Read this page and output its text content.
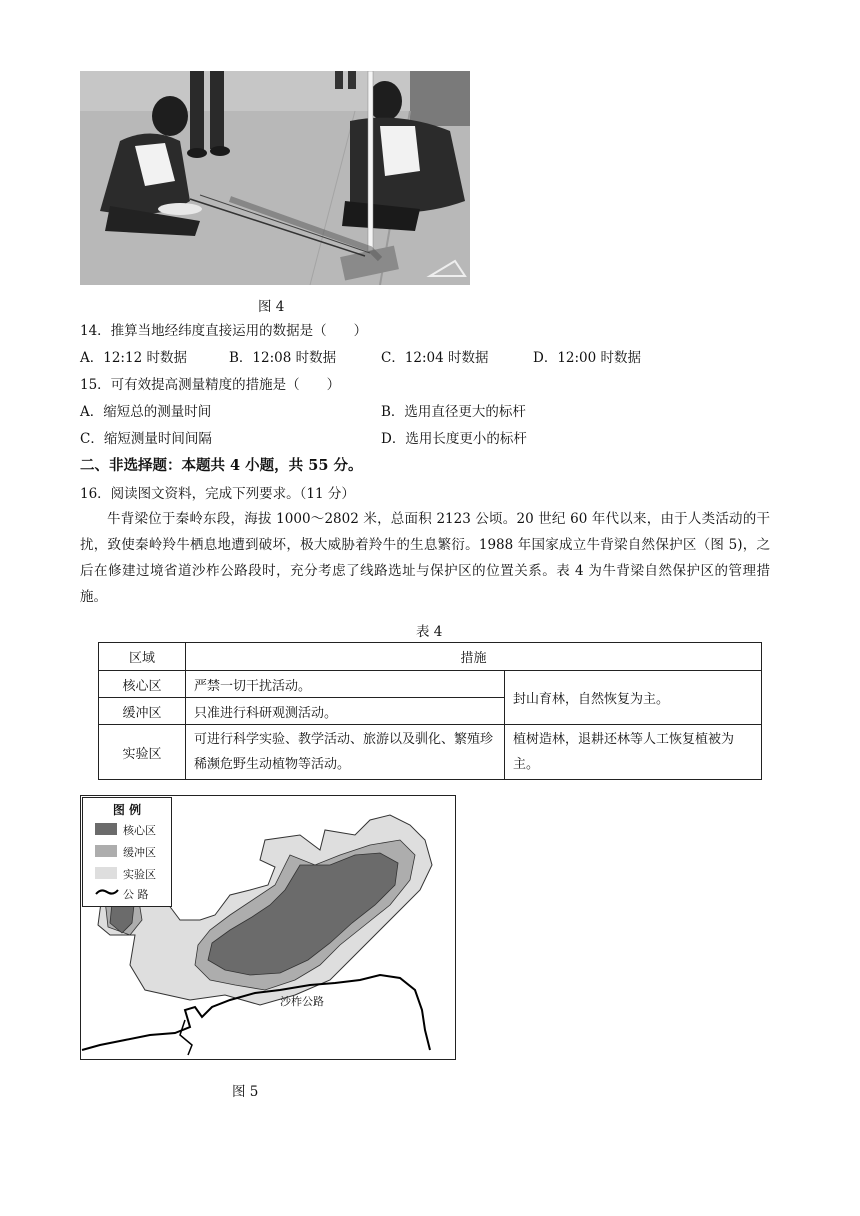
图 4
14．推算当地经纬度直接运用的数据是（　　）
A．12:12 时数据	B．12:08 时数据	C．12:04 时数据	D．12:00 时数据
15．可有效提高测量精度的措施是（　　）
A．缩短总的测量时间	B．选用直径更大的标杆
C．缩短测量时间间隔	D．选用长度更小的标杆
二、非选择题：本题共 4 小题，共 55 分。
16．阅读图文资料，完成下列要求。（11 分）

牛背梁位于秦岭东段，海拔 1000～2802 米，总面积 2123 公顷。20 世纪 60 年代以来，由于人类活动的干扰，致使秦岭羚牛栖息地遭到破坏，极大威胁着羚牛的生息繁衍。1988 年国家成立牛背梁自然保护区（图 5)，之后在修建过境省道沙柞公路段时，充分考虑了线路选址与保护区的位置关系。表 4 为牛背梁自然保护区的管理措施。

表 4
区域	措施	
核心区	严禁一切干扰活动。	封山育林，自然恢复为主。
缓冲区	只准进行科研观测活动。	
实验区	可进行科学实验、教学活动、旅游以及驯化、繁殖珍稀濒危野生动植物等活动。	植树造林，退耕还林等人工恢复植被为主。
沙柞公路
图 例
核心区
缓冲区
实验区
公 路
图 5
